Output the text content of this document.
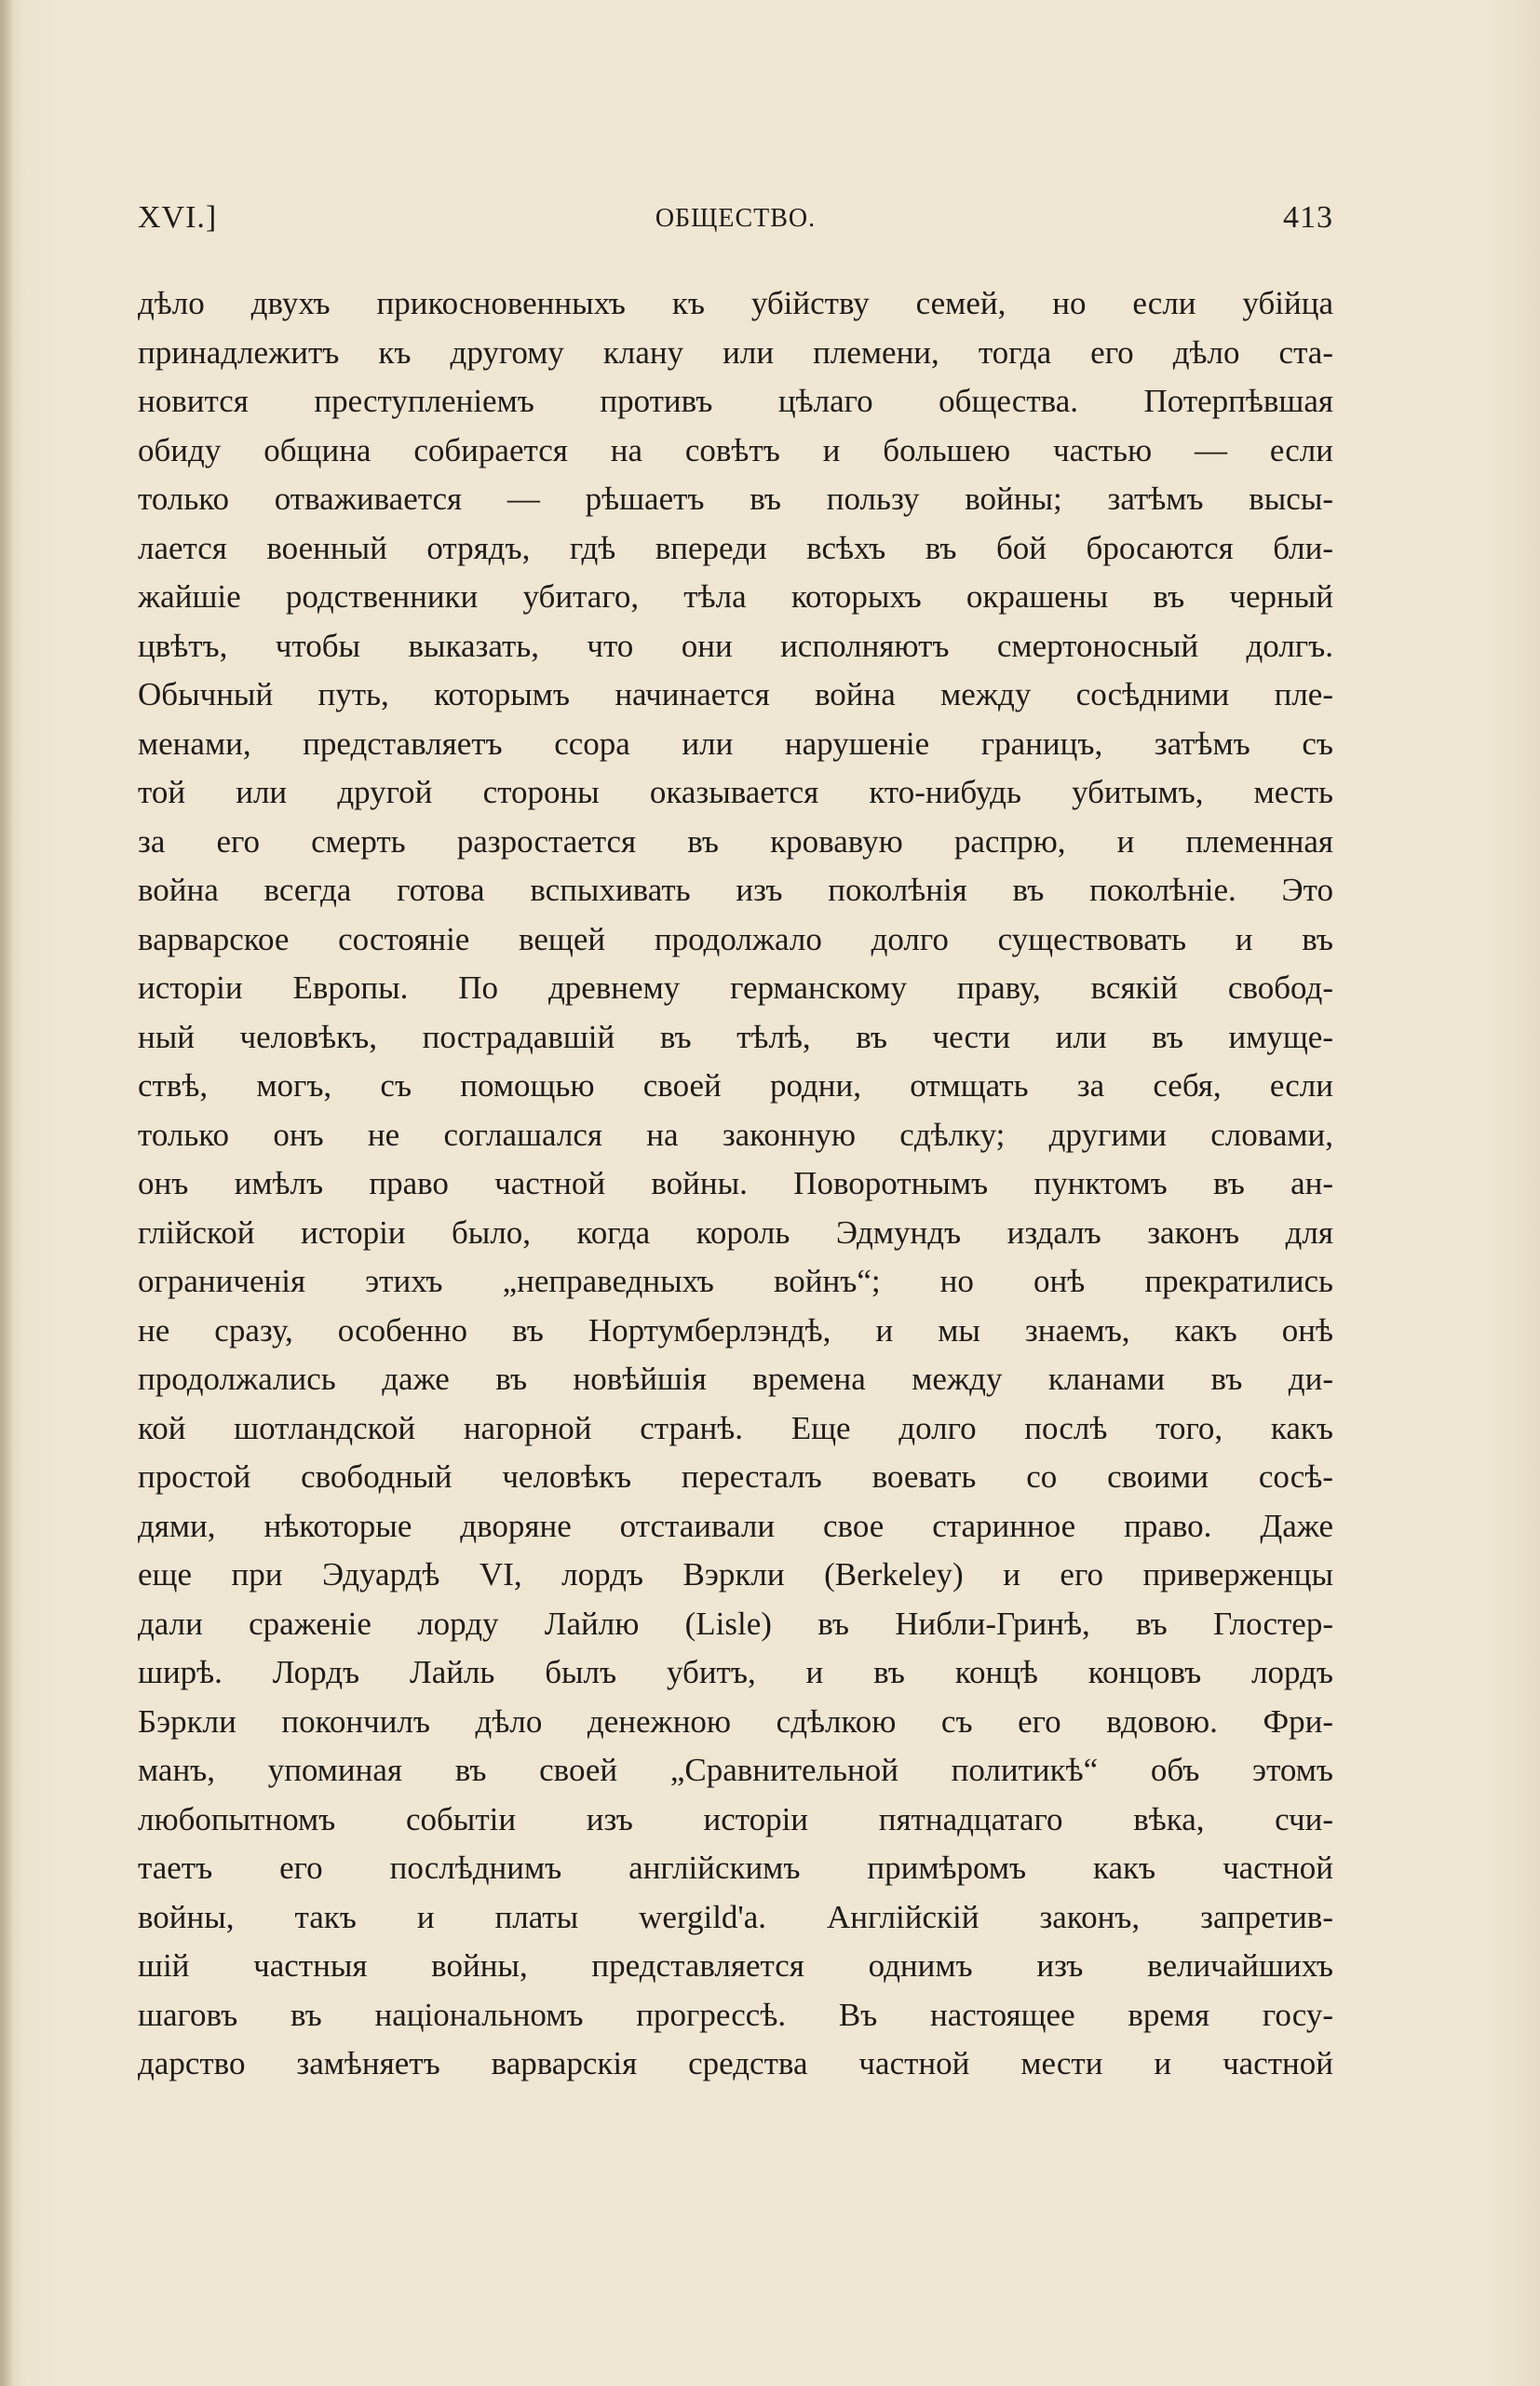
XVI.]	ОБЩЕСТВО.	413
дѣло двухъ прикосновенныхъ къ убійству семей, но если убійца
принадлежитъ къ другому клану или племени, тогда его дѣло ста-
новится преступленіемъ противъ цѣлаго общества. Потерпѣвшая
обиду община собирается на совѣтъ и большею частью — если
только отваживается — рѣшаетъ въ пользу войны; затѣмъ высы-
лается военный отрядъ, гдѣ впереди всѣхъ въ бой бросаются бли-
жайшіе родственники убитаго, тѣла которыхъ окрашены въ черный
цвѣтъ, чтобы выказать, что они исполняютъ смертоносный долгъ.
Обычный путь, которымъ начинается война между сосѣдними пле-
менами, представляетъ ссора или нарушеніе границъ, затѣмъ съ
той или другой стороны оказывается кто-нибудь убитымъ, месть
за его смерть разростается въ кровавую распрю, и племенная
война всегда готова вспыхивать изъ поколѣнія въ поколѣніе. Это
варварское состояніе вещей продолжало долго существовать и въ
исторіи Европы. По древнему германскому праву, всякій свобод-
ный человѣкъ, пострадавшій въ тѣлѣ, въ чести или въ имуще-
ствѣ, могъ, съ помощью своей родни, отмщать за себя, если
только онъ не соглашался на законную сдѣлку; другими словами,
онъ имѣлъ право частной войны. Поворотнымъ пунктомъ въ ан-
глійской исторіи было, когда король Эдмундъ издалъ законъ для
ограниченія этихъ „неправедныхъ войнъ“; но онѣ прекратились
не сразу, особенно въ Нортумберлэндѣ, и мы знаемъ, какъ онѣ
продолжались даже въ новѣйшія времена между кланами въ ди-
кой шотландской нагорной странѣ. Еще долго послѣ того, какъ
простой свободный человѣкъ пересталъ воевать со своими сосѣ-
дями, нѣкоторые дворяне отстаивали свое старинное право. Даже
еще при Эдуардѣ VI, лордъ Вэркли (Berkeley) и его приверженцы
дали сраженіе лорду Лайлю (Lisle) въ Нибли-Гринѣ, въ Глостер-
ширѣ. Лордъ Лайль былъ убитъ, и въ концѣ концовъ лордъ
Бэркли покончилъ дѣло денежною сдѣлкою съ его вдовою. Фри-
манъ, упоминая въ своей „Сравнительной политикѣ“ объ этомъ
любопытномъ событіи изъ исторіи пятнадцатаго вѣка, счи-
таетъ его послѣднимъ англійскимъ примѣромъ какъ частной
войны, такъ и платы wergild'а. Англійскій законъ, запретив-
шій частныя войны, представляется однимъ изъ величайшихъ
шаговъ въ національномъ прогрессѣ. Въ настоящее время госу-
дарство замѣняетъ варварскія средства частной мести и частной
